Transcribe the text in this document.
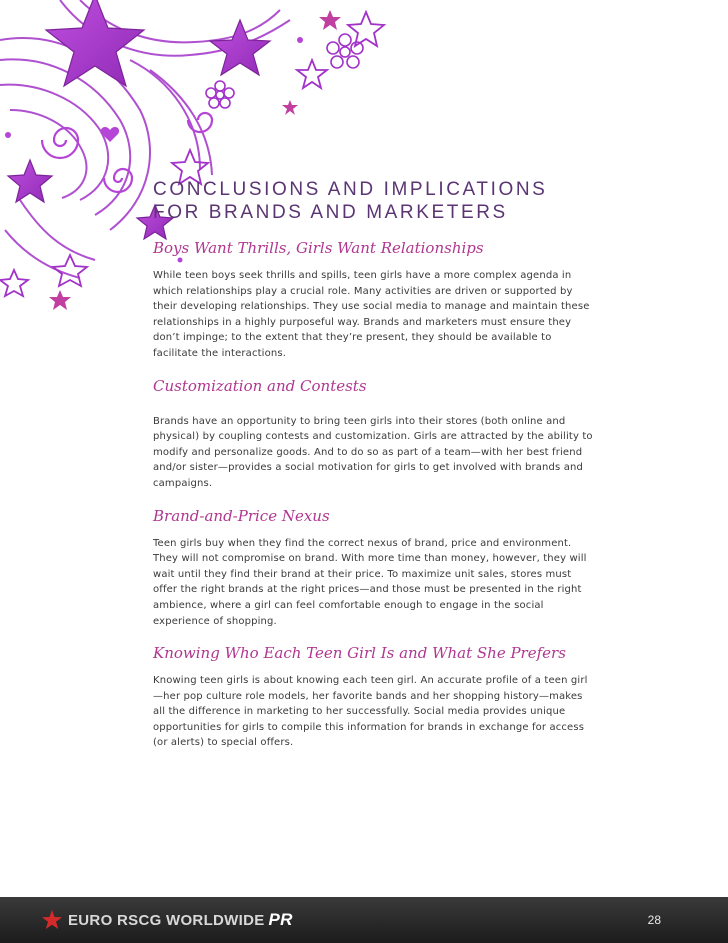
CONCLUSIONS AND IMPLICATIONS
FOR BRANDS AND MARKETERS
Boys Want Thrills, Girls Want Relationships

While teen boys seek thrills and spills, teen girls have a more complex agenda in which relationships play a crucial role. Many activities are driven or supported by their developing relationships. They use social media to manage and maintain these relationships in a highly purposeful way. Brands and marketers must ensure they don’t impinge; to the extent that they’re present, they should be available to facilitate the interactions.

Customization and Contests

Brands have an opportunity to bring teen girls into their stores (both online and physical) by coupling contests and customization. Girls are attracted by the ability to modify and personalize goods. And to do so as part of a team—with her best friend and/or sister—provides a social motivation for girls to get involved with brands and campaigns.

Brand-and-Price Nexus

Teen girls buy when they find the correct nexus of brand, price and environment. They will not compromise on brand. With more time than money, however, they will wait until they find their brand at their price. To maximize unit sales, stores must offer the right brands at the right prices—and those must be presented in the right ambience, where a girl can feel comfortable enough to engage in the social experience of shopping.

Knowing Who Each Teen Girl Is and What She Prefers

Knowing teen girls is about knowing each teen girl. An accurate profile of a teen girl—her pop culture role models, her favorite bands and her shopping history—makes all the difference in marketing to her successfully. Social media provides unique opportunities for girls to compile this information for brands in exchange for access (or alerts) to special offers.

EURO RSCG WORLDWIDE PR	28
